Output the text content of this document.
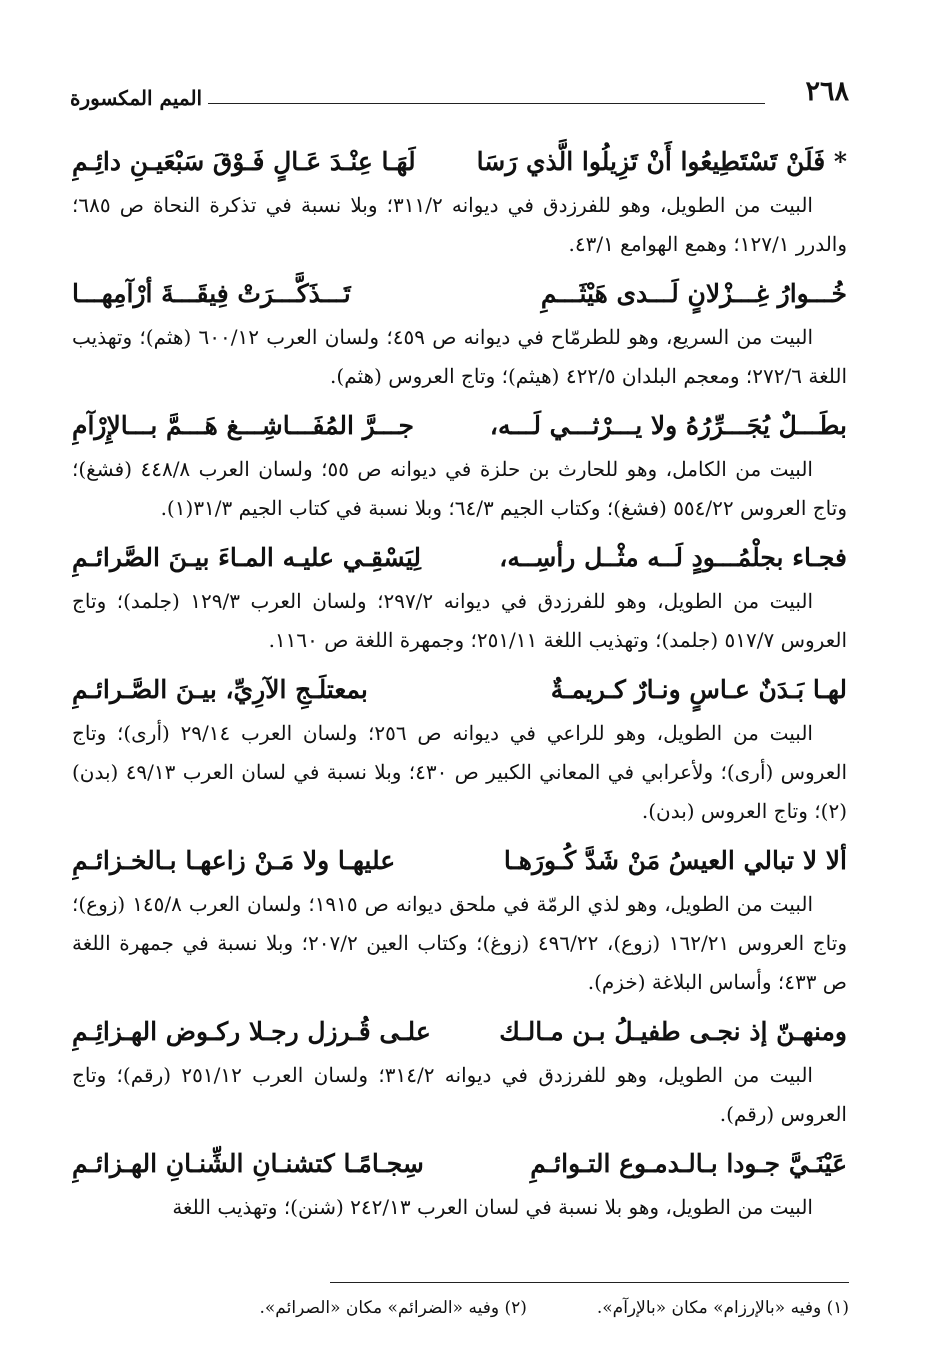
٢٦٨
الميم المكسورة
* فَلَنْ تَسْتَطِيعُوا أَنْ تَزِيلُوا الَّذي رَسَا
لَهَـا عِنْـدَ عَـالٍ فَـوْقَ سَبْعَيـنِ دائِـمِ
البيت من الطويل، وهو للفرزدق في ديوانه ٣١١/٢؛ وبلا نسبة في تذكرة النحاة ص ٦٨٥؛ والدرر ١٢٧/١؛ وهمع الهوامع ٤٣/١.
خُـــوارُ غِـــزْلانٍ لَـــدى هَيْثَـــمِ
تَـــذَكَّـــرَتْ فِيقَـــةَ أرْآمِهـــا
البيت من السريع، وهو للطرمّاح في ديوانه ص ٤٥٩؛ ولسان العرب ٦٠٠/١٢ (هثم)؛ وتهذيب اللغة ٢٧٢/٦؛ ومعجم البلدان ٤٢٢/٥ (هيثم)؛ وتاج العروس (هثم).
بطَـــلٌ يُجَـــرِّرُهُ ولا يـــرْثـــي لَـــه،
جـــرَّ المُفَـــاشِـــغ هَـــمَّ بـــالإِرْآمِ
البيت من الكامل، وهو للحارث بن حلزة في ديوانه ص ٥٥؛ ولسان العرب ٤٤٨/٨ (فشغ)؛ وتاج العروس ٥٥٤/٢٢ (فشغ)؛ وكتاب الجيم ٦٤/٣؛ وبلا نسبة في كتاب الجيم ٣١/٣(١).
فجـاء بجلْمُـــودٍ لَــه مثْــل رأسِــه،
لِيَسْقِـي عليـه المـاءَ بيـنَ الصَّرائـمِ
البيت من الطويل، وهو للفرزدق في ديوانه ٢٩٧/٢؛ ولسان العرب ١٢٩/٣ (جلمد)؛ وتاج العروس ٥١٧/٧ (جلمد)؛ وتهذيب اللغة ٢٥١/١١؛ وجمهرة اللغة ص ١١٦٠.
لهـا بَـدَنٌ عـاسٍ ونـارٌ كـريمـةٌ
بمعتلَـجِ الآرِيِّ، بيـنَ الصَّـرائـمِ
البيت من الطويل، وهو للراعي في ديوانه ص ٢٥٦؛ ولسان العرب ٢٩/١٤ (أرى)؛ وتاج العروس (أرى)؛ ولأعرابي في المعاني الكبير ص ٤٣٠؛ وبلا نسبة في لسان العرب ٤٩/١٣ (بدن)(٢)؛ وتاج العروس (بدن).
ألا لا تبالي العيسُ مَنْ شَدَّ كُـورَهـا
عليهـا ولا مَـنْ زاعهـا بـالخـزائـمِ
البيت من الطويل، وهو لذي الرمّة في ملحق ديوانه ص ١٩١٥؛ ولسان العرب ١٤٥/٨ (زوع)؛ وتاج العروس ١٦٢/٢١ (زوع)، ٤٩٦/٢٢ (زوغ)؛ وكتاب العين ٢٠٧/٢؛ وبلا نسبة في جمهرة اللغة ص ٤٣٣؛ وأساس البلاغة (خزم).
ومنهـنّ إذ نجـى طفيـلُ بـن مـالـك
علـى قُـرزل رجـلا ركـوض الهـزائِـمِ
البيت من الطويل، وهو للفرزدق في ديوانه ٣١٤/٢؛ ولسان العرب ٢٥١/١٢ (رقم)؛ وتاج العروس (رقم).
عَيْنَـيَّ جـودا بـالـدمـوع التـوائـمِ
سِجـامًـا كتشنـانِ الشِّنـانِ الهـزائـمِ
البيت من الطويل، وهو بلا نسبة في لسان العرب ٢٤٢/١٣ (شنن)؛ وتهذيب اللغة
(١) وفيه «بالإرزام» مكان «بالإرآم».
(٢) وفيه «الضرائم» مكان «الصرائم».
